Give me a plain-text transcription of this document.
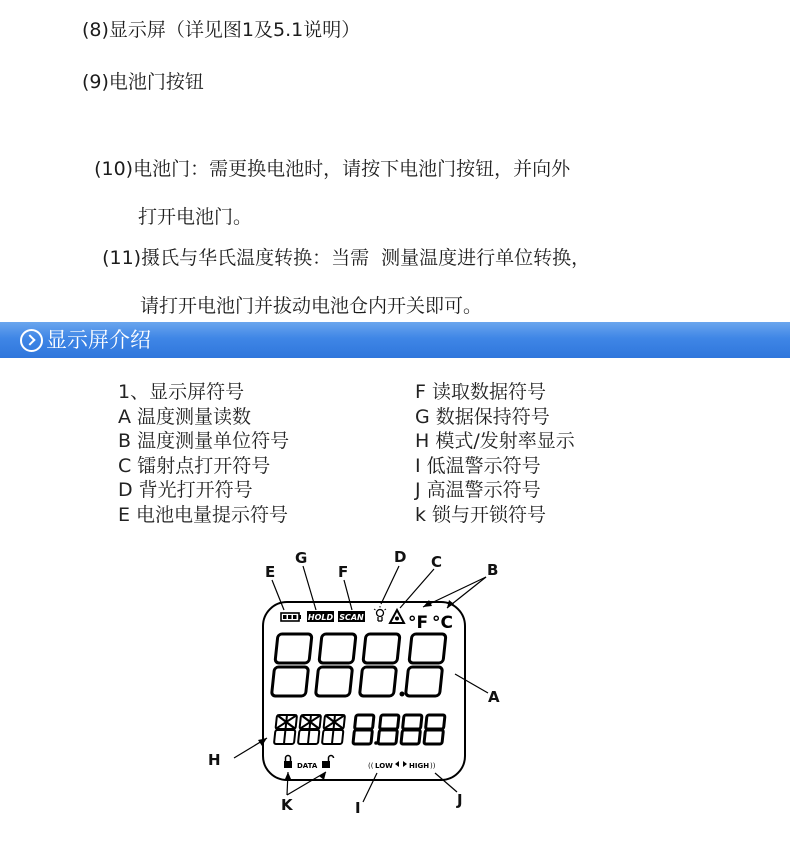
(8)显示屏（详见图1及5.1说明）
(9)电池门按钮

(10)电池门：需更换电池时，请按下电池门按钮，并向外

打开电池门。

(11)摄氏与华氏温度转换：当需  测量温度进行单位转换，

请打开电池门并拔动电池仓内开关即可。

显示屏介绍
1、显示屏符号
A 温度测量读数
B 温度测量单位符号
C 镭射点打开符号
D 背光打开符号
E 电池电量提示符号
F 读取数据符号
G 数据保持符号
H 模式/发射率显示
I 低温警示符号
J 高温警示符号
k 锁与开锁符号
HOLD SCAN	°F °C
8888
DATA	(( LOW HIGH ))
E
G
F
D C	B
A
H
K	I	J
